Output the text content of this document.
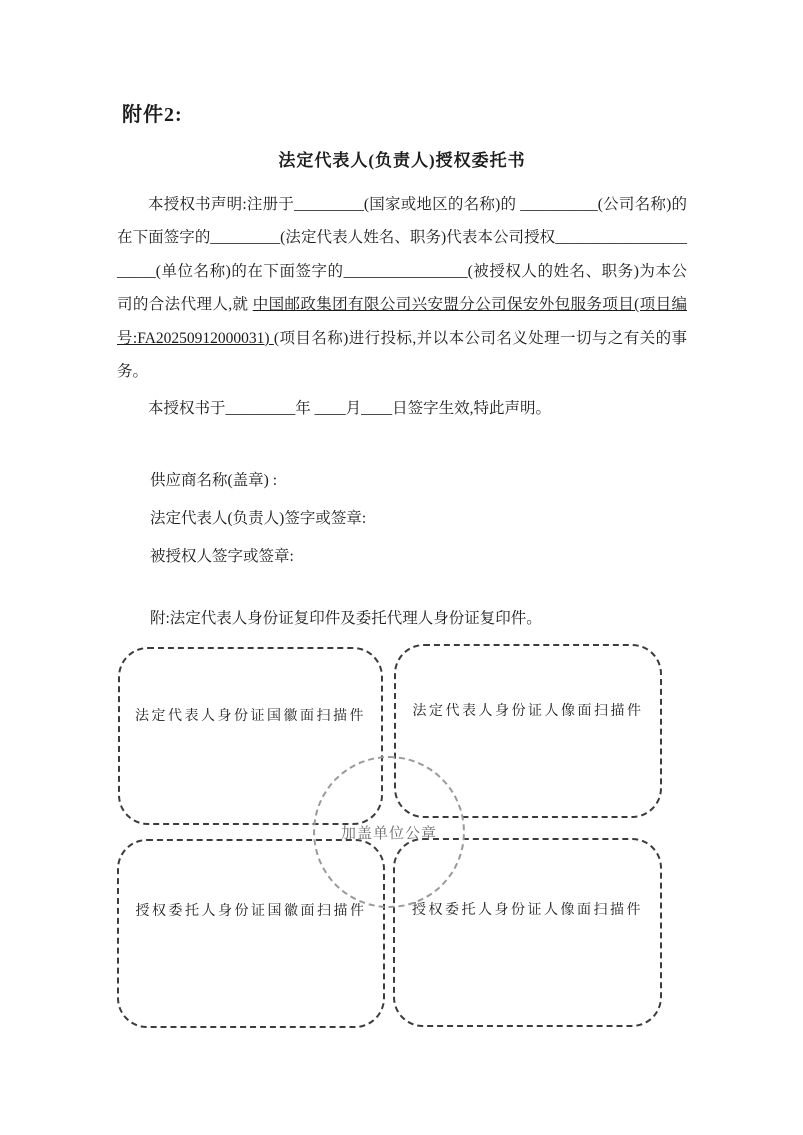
附件2:
法定代表人(负责人)授权委托书
本授权书声明:注册于_________(国家或地区的名称)的 __________(公司名称)的在下面签字的_________(法定代表人姓名、职务)代表本公司授权______________________(单位名称)的在下面签字的________________(被授权人的姓名、职务)为本公司的合法代理人,就 中国邮政集团有限公司兴安盟分公司保安外包服务项目(项目编号:FA20250912000031) (项目名称)进行投标,并以本公司名义处理一切与之有关的事务。
本授权书于_________年 ____月____日签字生效,特此声明。
供应商名称(盖章) :
法定代表人(负责人)签字或签章:
被授权人签字或签章:
附:法定代表人身份证复印件及委托代理人身份证复印件。
法定代表人身份证国徽面扫描件	法定代表人身份证人像面扫描件
授权委托人身份证国徽面扫描件	授权委托人身份证人像面扫描件
加盖单位公章
